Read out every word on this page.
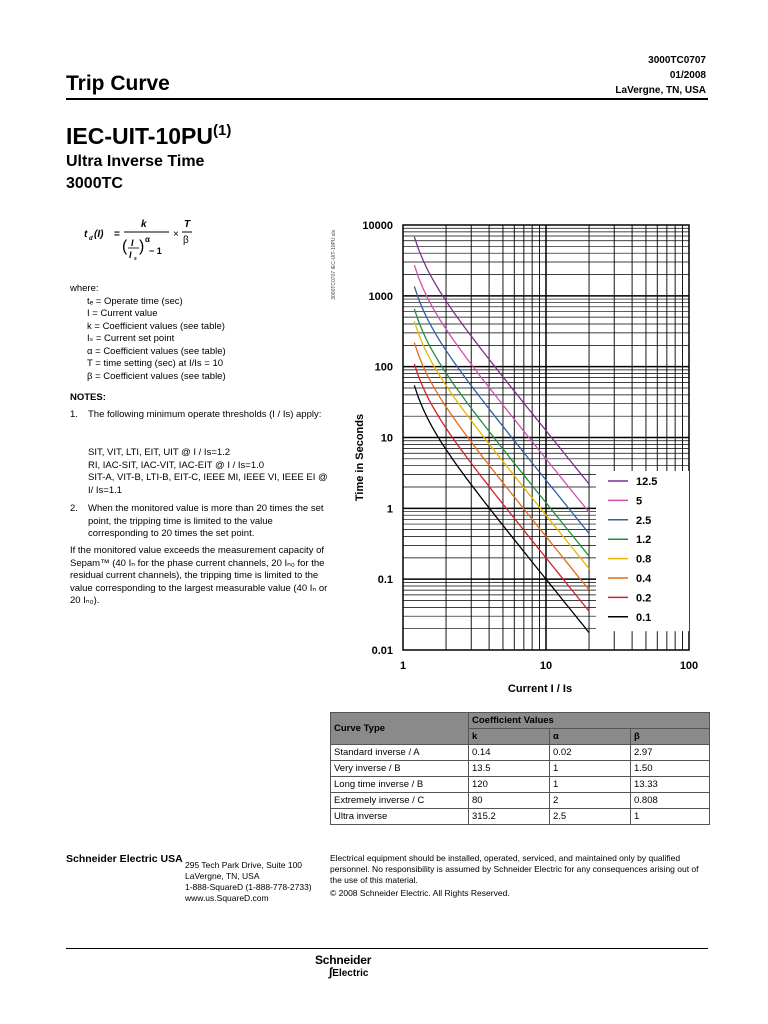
3000TC0707
01/2008
LaVergne, TN, USA
Trip Curve
IEC-UIT-10PU$^{(1)}$
Ultra Inverse Time
3000TC
t d (I) =
k
( I
I s
) α
− 1
×
T
β
where:
tₑ = Operate time (sec)
I = Current value
k = Coefficient values (see table)
Iₛ = Current set point
α = Coefficient values (see table)
T = time setting (sec) at I/Is = 10
β = Coefficient values (see table)
NOTES:
1. The following minimum operate thresholds (I / Is) apply:
SIT, VIT, LTI, EIT, UIT @ I / Is=1.2
RI, IAC-SIT, IAC-VIT, IAC-EIT @ I / Is=1.0
SIT-A, VIT-B, LTI-B, EIT-C, IEEE MI, IEEE VI, IEEE EI @ I/ Is=1.1
2. When the monitored value is more than 20 times the set point, the tripping time is limited to the value corresponding to 20 times the set point.
If the monitored value exceeds the measurement capacity of Sepam™ (40 Iₙ for the phase current channels, 20 Iₙ₀ for the residual current channels), the tripping time is limited to the value corresponding to the largest measurable value (40 Iₙ or 20 Iₙ₀).
3000TC0707 IEC-UIT-10PU.xls
0.01
0.1
1
10
100
1000
10000
1	10	100
Current I / Is
Time in Seconds	12.5
5
2.5
1.2
0.8
0.4
0.2
0.1
Curve Type	Coefficient Values		
	k	α	β
Standard inverse / A	0.14	0.02	2.97
Very inverse / B	13.5	1	1.50
Long time inverse / B	120	1	13.33
Extremely inverse / C	80	2	0.808
Ultra inverse	315.2	2.5	1
Schneider Electric USA 295 Tech Park Drive, Suite 100
LaVergne, TN, USA
1-888-SquareD (1-888-778-2733)
www.us.SquareD.com
Electrical equipment should be installed, operated, serviced, and maintained only by qualified personnel. No responsibility is assumed by Schneider Electric for any consequences arising out of the use of this material.
© 2008 Schneider Electric. All Rights Reserved.
Schneider
∫Electric
